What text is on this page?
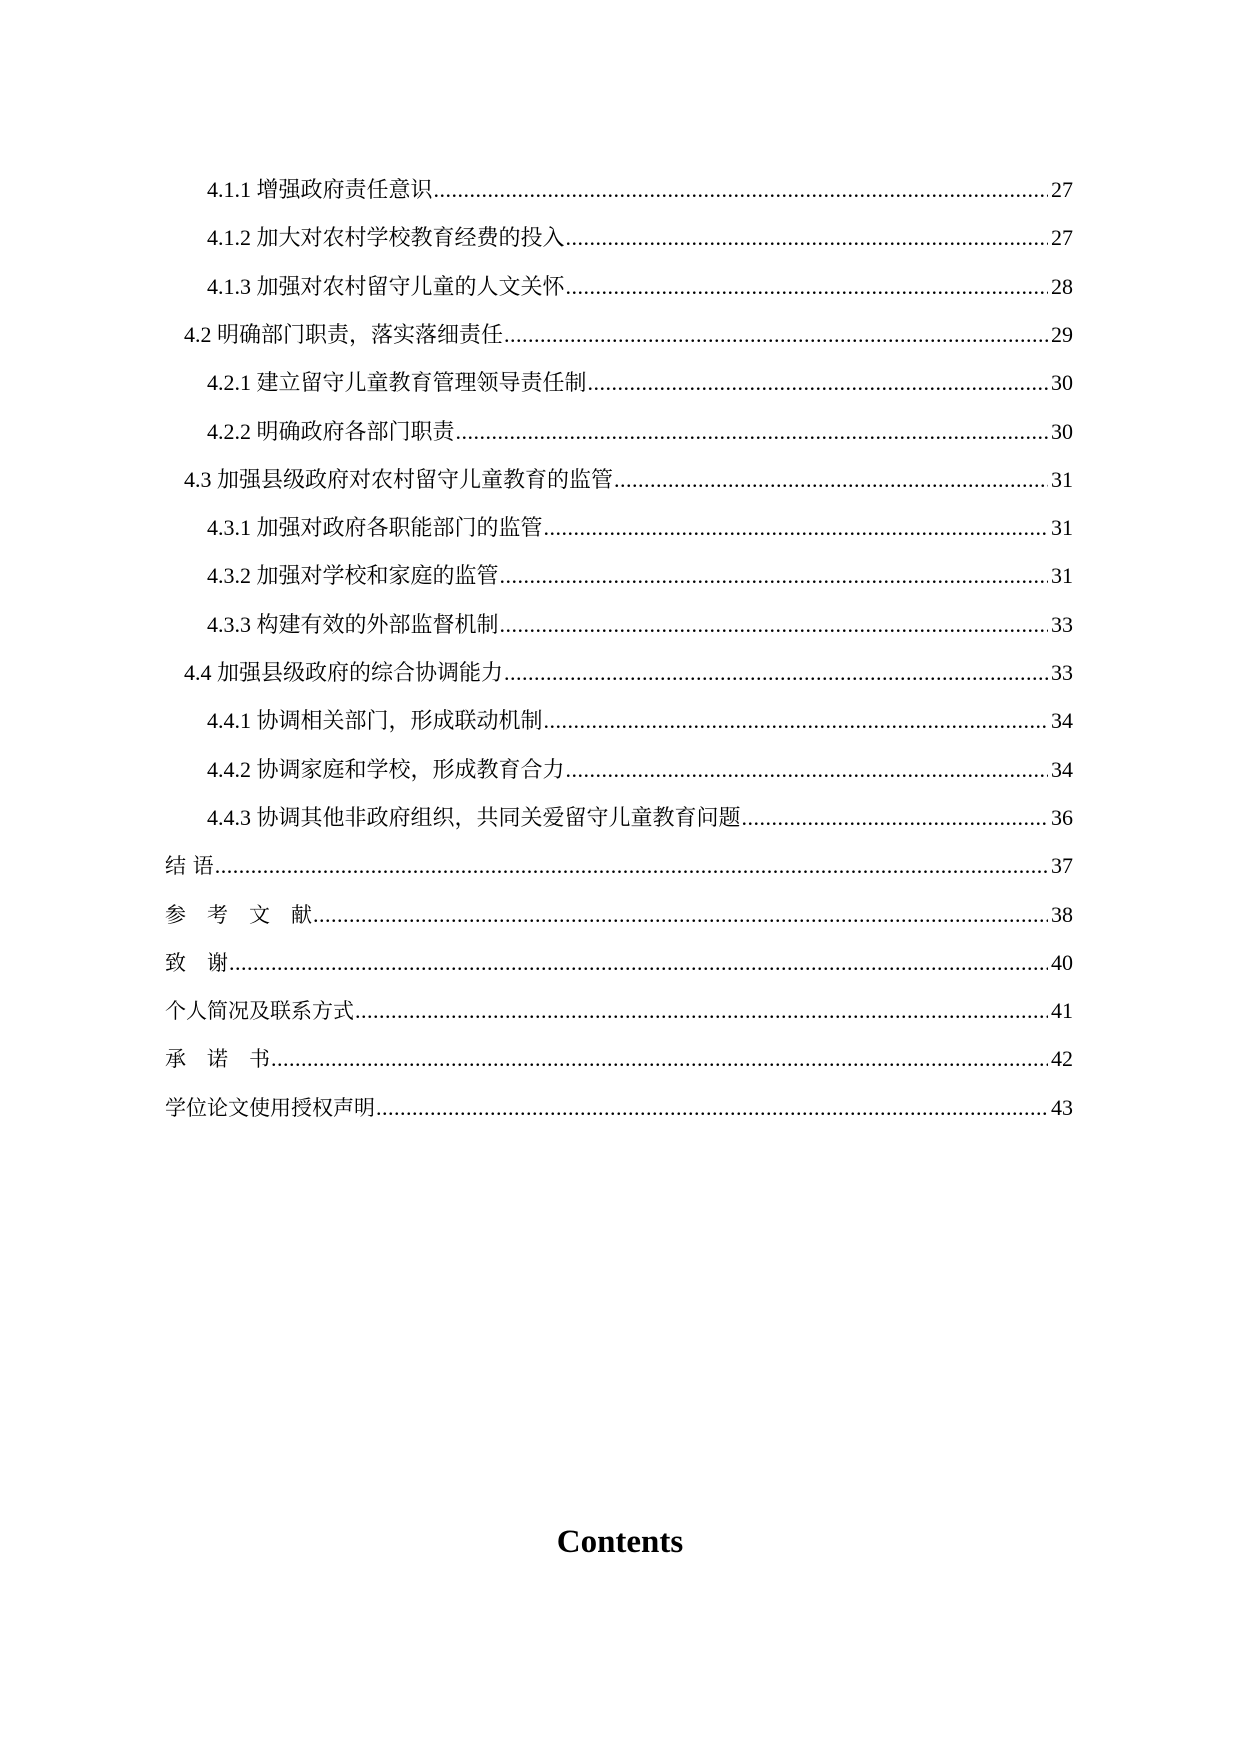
4.1.1 增强政府责任意识 .....	27
4.1.2 加大对农村学校教育经费的投入 .....	27
4.1.3 加强对农村留守儿童的人文关怀 .....	28
4.2 明确部门职责，落实落细责任 .....	29
4.2.1 建立留守儿童教育管理领导责任制 .....	30
4.2.2 明确政府各部门职责 .....	30
4.3 加强县级政府对农村留守儿童教育的监管 .....	31
4.3.1 加强对政府各职能部门的监管 .....	31
4.3.2 加强对学校和家庭的监管 .....	31
4.3.3 构建有效的外部监督机制 .....	33
4.4 加强县级政府的综合协调能力 .....	33
4.4.1 协调相关部门，形成联动机制 .....	34
4.4.2 协调家庭和学校，形成教育合力 .....	34
4.4.3 协调其他非政府组织，共同关爱留守儿童教育问题 .....	36
结 语 .....	37
参　考　文　献 .....	38
致　谢 .....	40
个人简况及联系方式 .....	41
承　诺　书 .....	42
学位论文使用授权声明 .....	43
Contents
